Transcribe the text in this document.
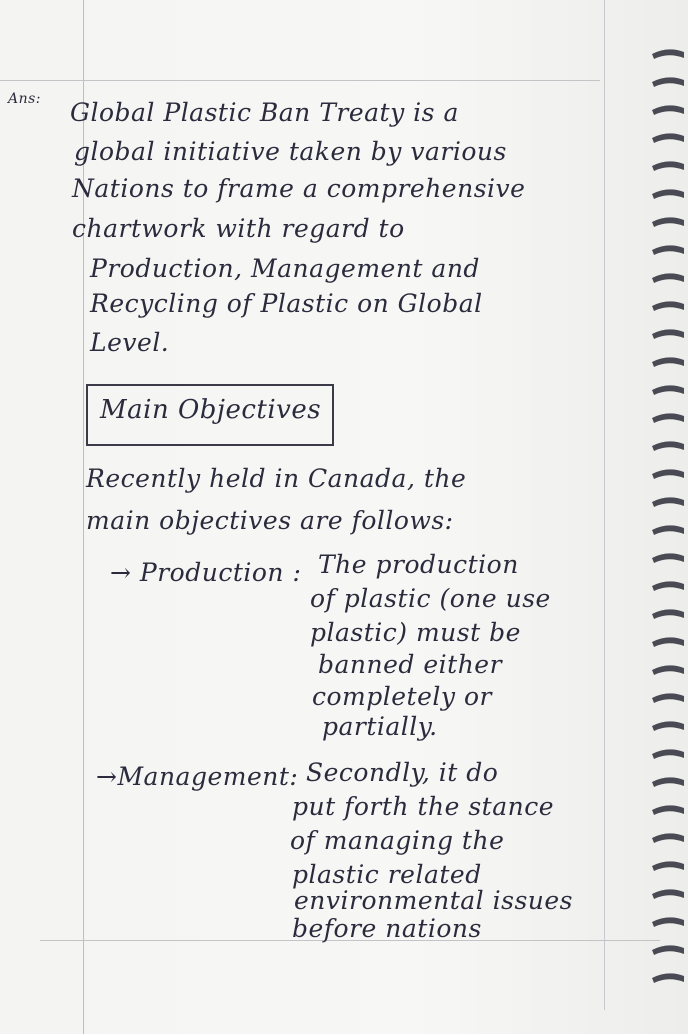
Ans: Global Plastic Ban Treaty is a
global initiative taken by various
Nations to frame a comprehensive
chartwork with regard to
Production, Management and
Recycling of Plastic on Global
Level.
Main Objectives
Recently held in Canada, the
main objectives are follows:
→ Production : The production
of plastic (one use
plastic) must be
banned either
completely or
partially.
→Management: Secondly, it do
put forth the stance
of managing the
plastic related
environmental issues
before nations
